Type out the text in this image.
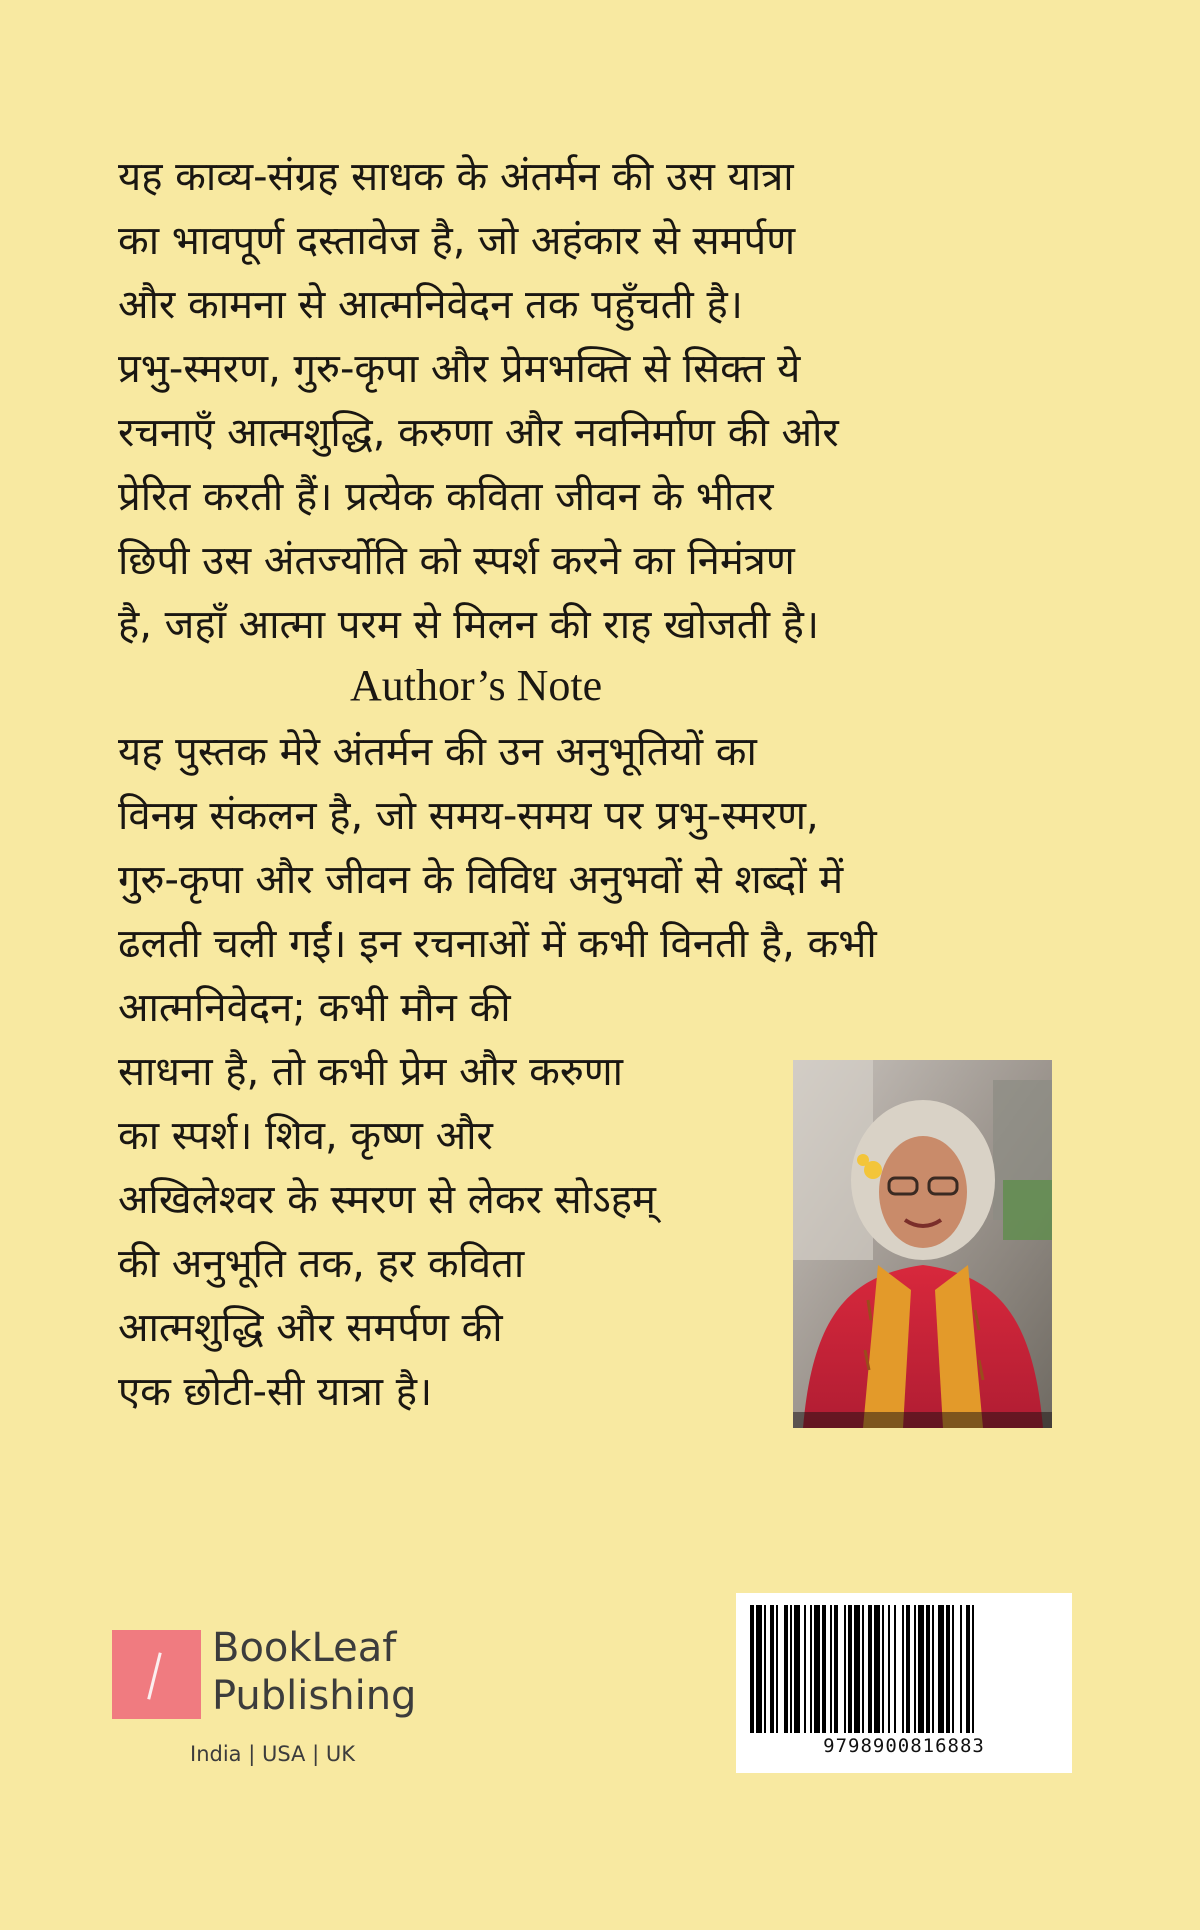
यह काव्य-संग्रह साधक के अंतर्मन की उस यात्रा
का भावपूर्ण दस्तावेज है, जो अहंकार से समर्पण
और कामना से आत्मनिवेदन तक पहुँचती है।
प्रभु-स्मरण, गुरु-कृपा और प्रेमभक्ति से सिक्त ये
रचनाएँ आत्मशुद्धि, करुणा और नवनिर्माण की ओर
प्रेरित करती हैं। प्रत्येक कविता जीवन के भीतर
छिपी उस अंतर्ज्योति को स्पर्श करने का निमंत्रण
है, जहाँ आत्मा परम से मिलन की राह खोजती है।
Author’s Note
यह पुस्तक मेरे अंतर्मन की उन अनुभूतियों का
विनम्र संकलन है, जो समय-समय पर प्रभु-स्मरण,
गुरु-कृपा और जीवन के विविध अनुभवों से शब्दों में
ढलती चली गईं। इन रचनाओं में कभी विनती है, कभी
आत्मनिवेदन; कभी मौन की
साधना है, तो कभी प्रेम और करुणा
का स्पर्श। शिव, कृष्ण और
अखिलेश्वर के स्मरण से लेकर सोऽहम्
की अनुभूति तक, हर कविता
आत्मशुद्धि और समर्पण की
एक छोटी-सी यात्रा है।
BookLeaf
Publishing
India | USA | UK	9798900816883
